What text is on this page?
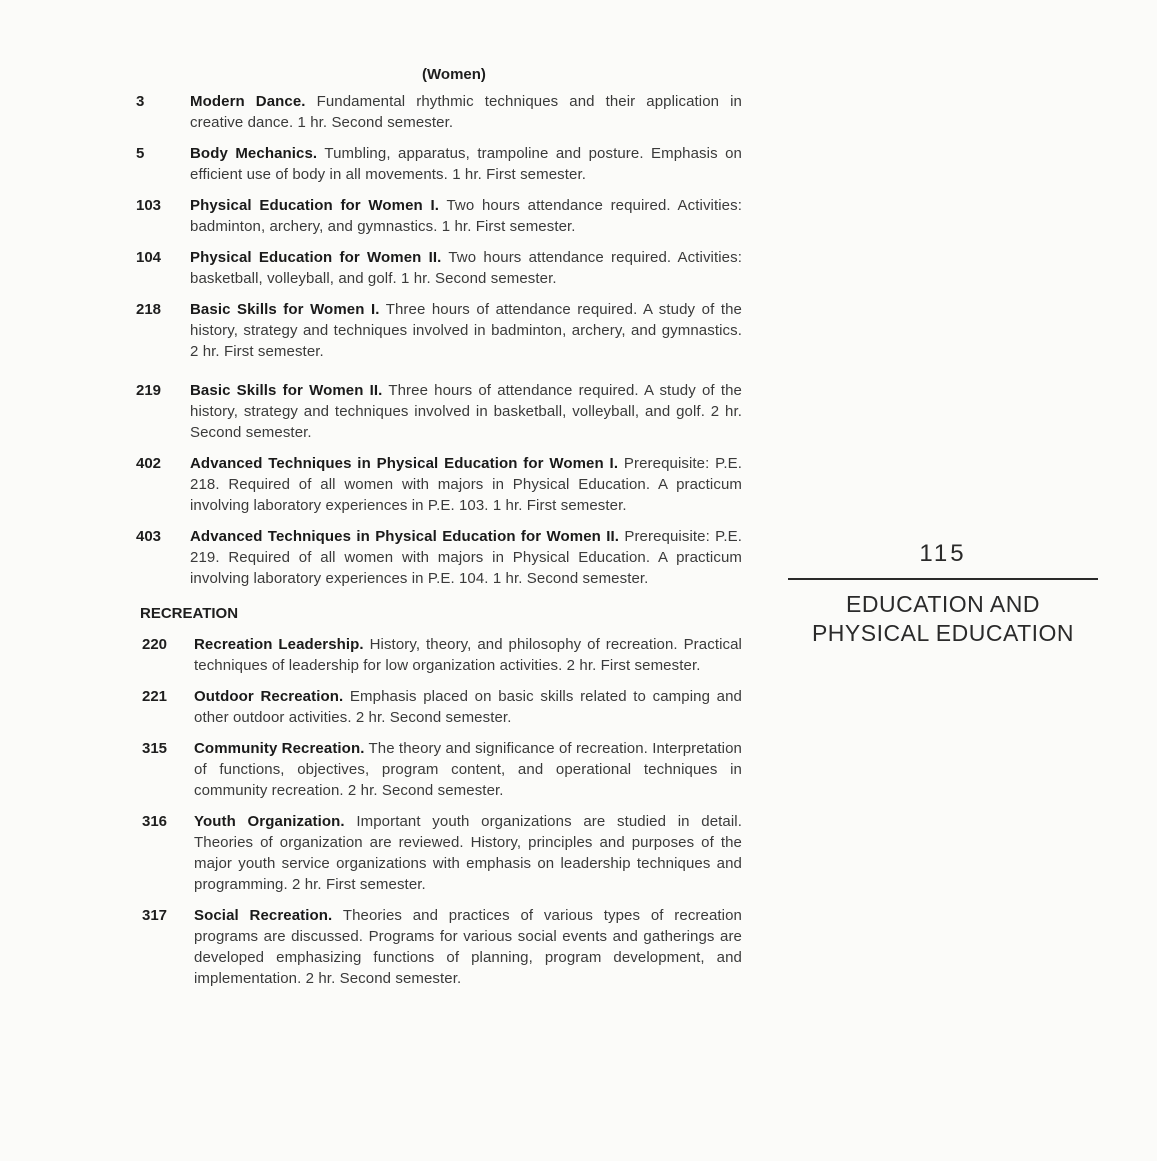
(Women)
3	Modern Dance. Fundamental rhythmic techniques and their application in creative dance. 1 hr. Second semester.
5	Body Mechanics. Tumbling, apparatus, trampoline and posture. Emphasis on efficient use of body in all movements. 1 hr. First semester.
103	Physical Education for Women I. Two hours attendance required. Activities: badminton, archery, and gymnastics. 1 hr. First semester.
104	Physical Education for Women II. Two hours attendance required. Activities: basketball, volleyball, and golf. 1 hr. Second semester.
218	Basic Skills for Women I. Three hours of attendance required. A study of the history, strategy and techniques involved in badminton, archery, and gymnastics. 2 hr. First semester.
219	Basic Skills for Women II. Three hours of attendance required. A study of the history, strategy and techniques involved in basketball, volleyball, and golf. 2 hr. Second semester.
402	Advanced Techniques in Physical Education for Women I. Prerequisite: P.E. 218. Required of all women with majors in Physical Education. A practicum involving laboratory experiences in P.E. 103. 1 hr. First semester.
403	Advanced Techniques in Physical Education for Women II. Prerequisite: P.E. 219. Required of all women with majors in Physical Education. A practicum involving laboratory experiences in P.E. 104. 1 hr. Second semester.
RECREATION
220	Recreation Leadership. History, theory, and philosophy of recreation. Practical techniques of leadership for low organization activities. 2 hr. First semester.
221	Outdoor Recreation. Emphasis placed on basic skills related to camping and other outdoor activities. 2 hr. Second semester.
315	Community Recreation. The theory and significance of recreation. Interpretation of functions, objectives, program content, and operational techniques in community recreation. 2 hr. Second semester.
316	Youth Organization. Important youth organizations are studied in detail. Theories of organization are reviewed. History, principles and purposes of the major youth service organizations with emphasis on leadership techniques and programming. 2 hr. First semester.
317	Social Recreation. Theories and practices of various types of recreation programs are discussed. Programs for various social events and gatherings are developed emphasizing functions of planning, program development, and implementation. 2 hr. Second semester.
115
EDUCATION AND
PHYSICAL EDUCATION
